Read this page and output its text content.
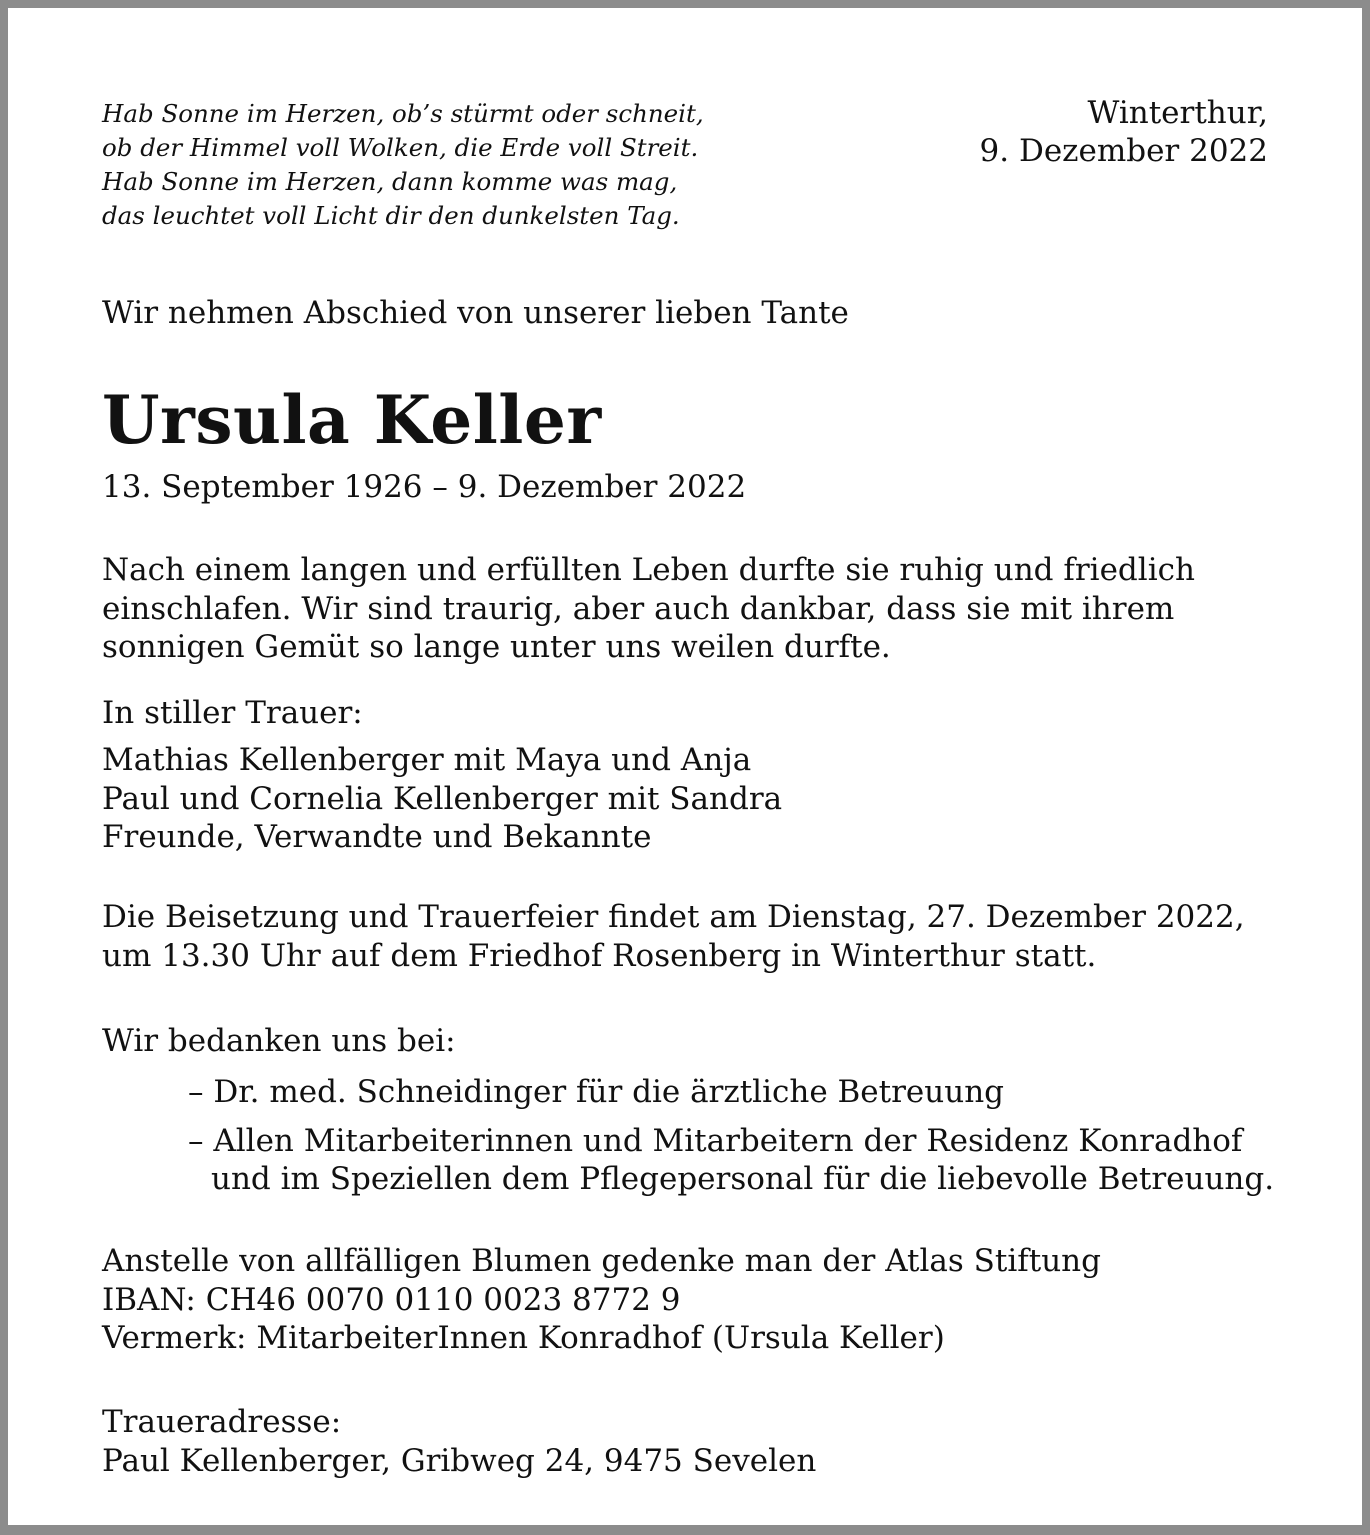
Hab Sonne im Herzen, ob’s stürmt oder schneit,
ob der Himmel voll Wolken, die Erde voll Streit.
Hab Sonne im Herzen, dann komme was mag,
das leuchtet voll Licht dir den dunkelsten Tag.
Winterthur,
9. Dezember 2022

Wir nehmen Abschied von unserer lieben Tante

Ursula Keller

13. September 1926 – 9. Dezember 2022

Nach einem langen und erfüllten Leben durfte sie ruhig und friedlich
einschlafen. Wir sind traurig, aber auch dankbar, dass sie mit ihrem
sonnigen Gemüt so lange unter uns weilen durfte.

In stiller Trauer:

Mathias Kellenberger mit Maya und Anja
Paul und Cornelia Kellenberger mit Sandra
Freunde, Verwandte und Bekannte
Die Beisetzung und Trauerfeier findet am Dienstag, 27. Dezember 2022,
um 13.30 Uhr auf dem Friedhof Rosenberg in Winterthur statt.

Wir bedanken uns bei:

– Dr. med. Schneidinger für die ärztliche Betreuung
– Allen Mitarbeiterinnen und Mitarbeitern der Residenz Konradhof
und im Speziellen dem Pflegepersonal für die liebevolle Betreuung.
Anstelle von allfälligen Blumen gedenke man der Atlas Stiftung
IBAN: CH46 0070 0110 0023 8772 9
Vermerk: MitarbeiterInnen Konradhof (Ursula Keller)

Traueradresse:

Paul Kellenberger, Gribweg 24, 9475 Sevelen
